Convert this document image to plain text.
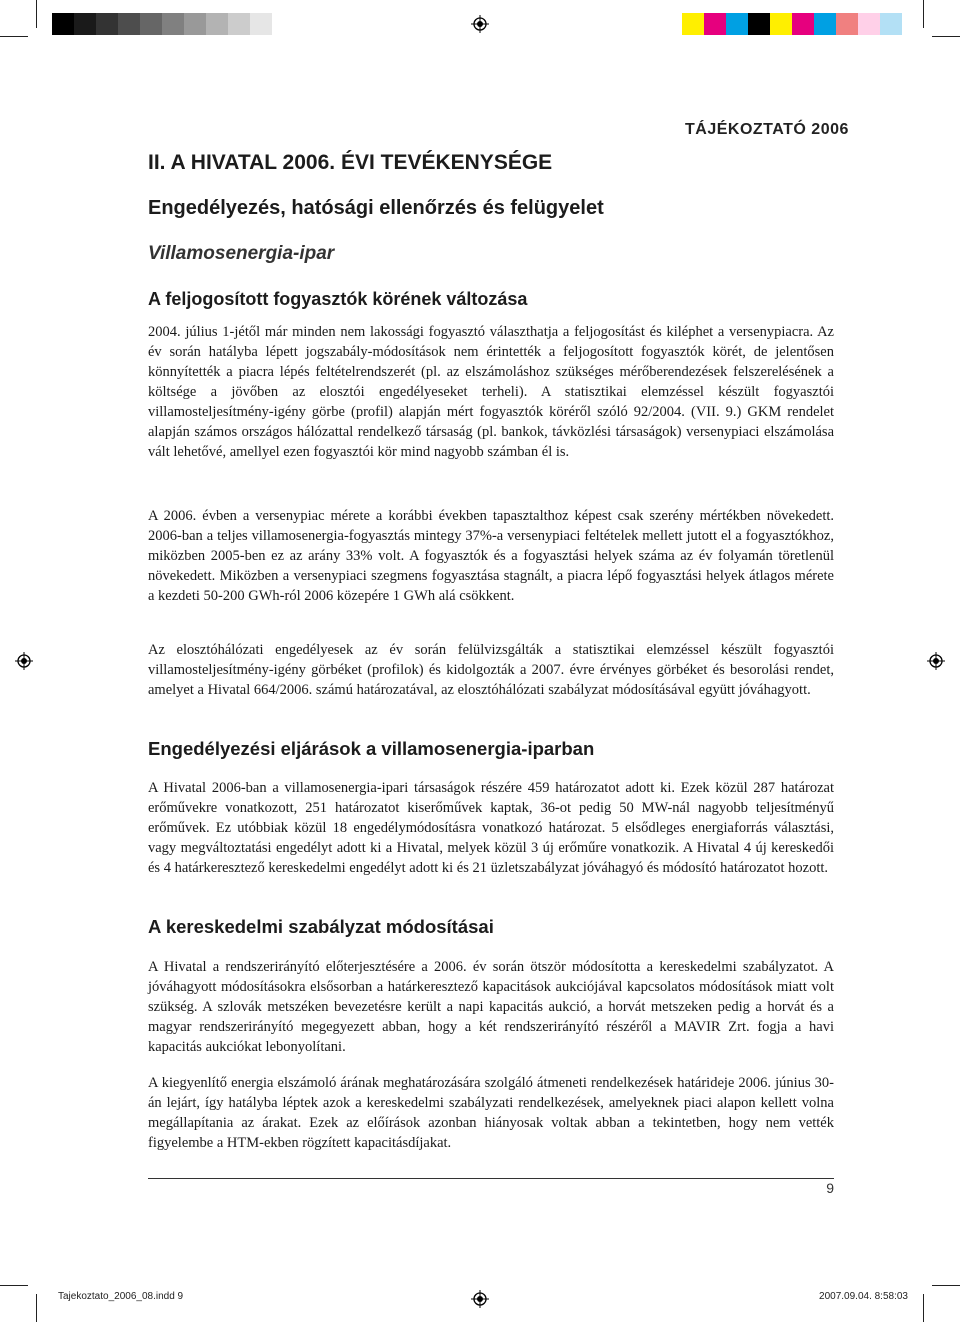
TÁJÉKOZTATÓ 2006
II. A HIVATAL 2006. ÉVI TEVÉKENYSÉGE
Engedélyezés, hatósági ellenőrzés és felügyelet
Villamosenergia-ipar
A feljogosított fogyasztók körének változása

2004. július 1-jétől már minden nem lakossági fogyasztó választhatja a feljogosítást és kiléphet a versenypiacra. Az év során hatályba lépett jogszabály-módosítások nem érintették a feljogosított fogyasztók körét, de jelentősen könnyítették a piacra lépés feltételrendszerét (pl. az elszámoláshoz szükséges mérőberendezések felszerelésének a költsége a jövőben az elosztói engedélyeseket terheli). A statisztikai elemzéssel készült fogyasztói villamosteljesítmény-igény görbe (profil) alapján mért fogyasztók köréről szóló 92/2004. (VII. 9.) GKM rendelet alapján számos országos hálózattal rendelkező társaság (pl. bankok, távközlési társaságok) versenypiaci elszámolása vált lehetővé, amellyel ezen fogyasztói kör mind nagyobb számban él is.

A 2006. évben a versenypiac mérete a korábbi években tapasztalthoz képest csak szerény mértékben növekedett. 2006-ban a teljes villamosenergia-fogyasztás mintegy 37%-a versenypiaci feltételek mellett jutott el a fogyasztókhoz, miközben 2005-ben ez az arány 33% volt. A fogyasztók és a fogyasztási helyek száma az év folyamán töretlenül növekedett. Miközben a versenypiaci szegmens fogyasztása stagnált, a piacra lépő fogyasztási helyek átlagos mérete a kezdeti 50-200 GWh-ról 2006 közepére 1 GWh alá csökkent.

Az elosztóhálózati engedélyesek az év során felülvizsgálták a statisztikai elemzéssel készült fogyasztói villamosteljesítmény-igény görbéket (profilok) és kidolgozták a 2007. évre érvényes görbéket és besorolási rendet, amelyet a Hivatal 664/2006. számú határozatával, az elosztóhálózati szabályzat módosításával együtt jóváhagyott.

Engedélyezési eljárások a villamosenergia-iparban

A Hivatal 2006-ban a villamosenergia-ipari társaságok részére 459 határozatot adott ki. Ezek közül 287 határozat erőművekre vonatkozott, 251 határozatot kiserőművek kaptak, 36-ot pedig 50 MW-nál nagyobb teljesítményű erőművek. Ez utóbbiak közül 18 engedélymódosításra vonatkozó határozat. 5 elsődleges energiaforrás választási, vagy megváltoztatási engedélyt adott ki a Hivatal, melyek közül 3 új erőműre vonatkozik. A Hivatal 4 új kereskedői és 4 határkeresztező kereskedelmi engedélyt adott ki és 21 üzletszabályzat jóváhagyó és módosító határozatot hozott.

A kereskedelmi szabályzat módosításai

A Hivatal a rendszerirányító előterjesztésére a 2006. év során ötször módosította a kereskedelmi szabályzatot. A jóváhagyott módosításokra elsősorban a határkeresztező kapacitások aukciójával kapcsolatos módosítások miatt volt szükség. A szlovák metszéken bevezetésre került a napi kapacitás aukció, a horvát metszeken pedig a horvát és a magyar rendszerirányító megegyezett abban, hogy a két rendszerirányító részéről a MAVIR Zrt. fogja a havi kapacitás aukciókat lebonyolítani.

A kiegyenlítő energia elszámoló árának meghatározására szolgáló átmeneti rendelkezések határideje 2006. június 30-án lejárt, így hatályba léptek azok a kereskedelmi szabályzati rendelkezések, amelyeknek piaci alapon kellett volna megállapítania az árakat. Ezek az előírások azonban hiányosak voltak abban a tekintetben, hogy nem vették figyelembe a HTM-ekben rögzített kapacitásdíjakat.

9
Tajekoztato_2006_08.indd 9	2007.09.04. 8:58:03
